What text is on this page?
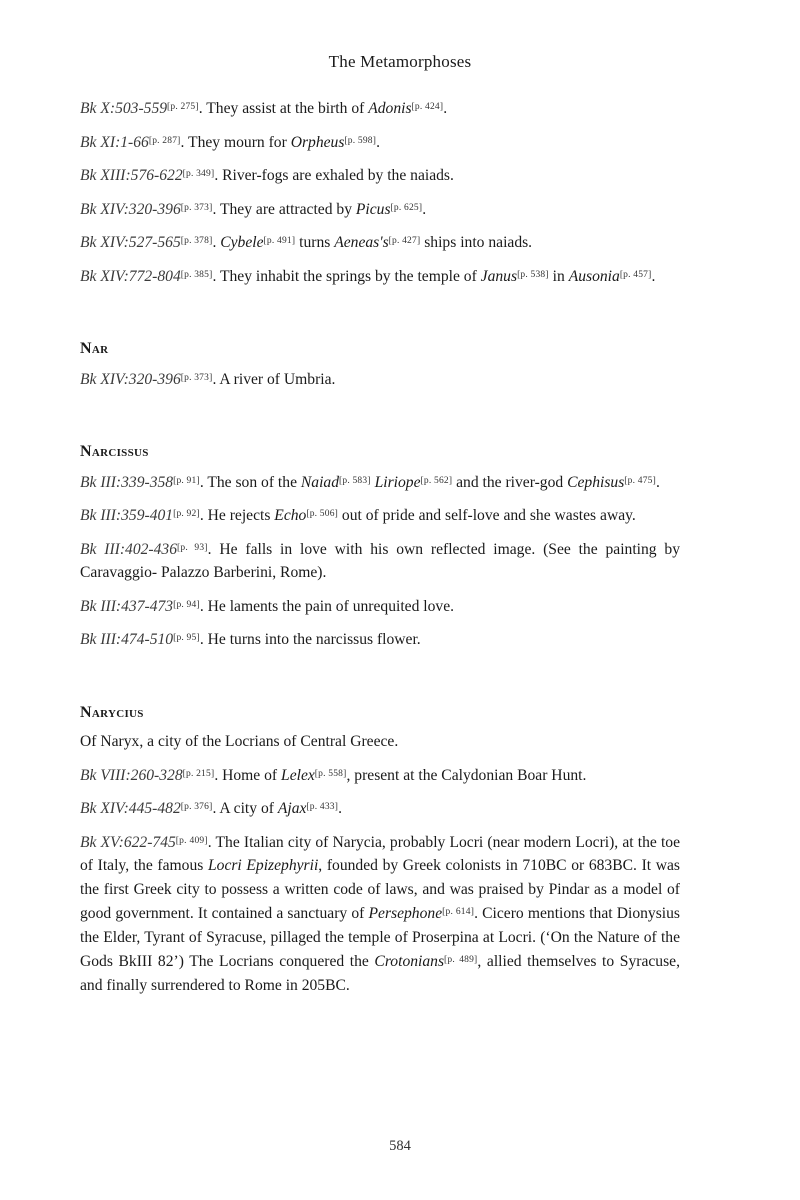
The Metamorphoses

Bk X:503-559[p. 275]. They assist at the birth of Adonis[p. 424].

Bk XI:1-66[p. 287]. They mourn for Orpheus[p. 598].

Bk XIII:576-622[p. 349]. River-fogs are exhaled by the naiads.

Bk XIV:320-396[p. 373]. They are attracted by Picus[p. 625].

Bk XIV:527-565[p. 378]. Cybele[p. 491] turns Aeneas's[p. 427] ships into naiads.

Bk XIV:772-804[p. 385]. They inhabit the springs by the temple of Janus[p. 538] in Ausonia[p. 457].

Nar

Bk XIV:320-396[p. 373]. A river of Umbria.

Narcissus

Bk III:339-358[p. 91]. The son of the Naiad[p. 583] Liriope[p. 562] and the river-god Cephisus[p. 475].

Bk III:359-401[p. 92]. He rejects Echo[p. 506] out of pride and self-love and she wastes away.

Bk III:402-436[p. 93]. He falls in love with his own reflected image. (See the painting by Caravaggio- Palazzo Barberini, Rome).

Bk III:437-473[p. 94]. He laments the pain of unrequited love.

Bk III:474-510[p. 95]. He turns into the narcissus flower.

Narycius

Of Naryx, a city of the Locrians of Central Greece.

Bk VIII:260-328[p. 215]. Home of Lelex[p. 558], present at the Calydonian Boar Hunt.

Bk XIV:445-482[p. 376]. A city of Ajax[p. 433].

Bk XV:622-745[p. 409]. The Italian city of Narycia, probably Locri (near modern Locri), at the toe of Italy, the famous Locri Epizephyrii, founded by Greek colonists in 710BC or 683BC. It was the first Greek city to possess a written code of laws, and was praised by Pindar as a model of good government. It contained a sanctuary of Persephone[p. 614]. Cicero mentions that Dionysius the Elder, Tyrant of Syracuse, pillaged the temple of Proserpina at Locri. (‘On the Nature of the Gods BkIII 82’) The Locrians conquered the Crotonians[p. 489], allied themselves to Syracuse, and finally surrendered to Rome in 205BC.

584
